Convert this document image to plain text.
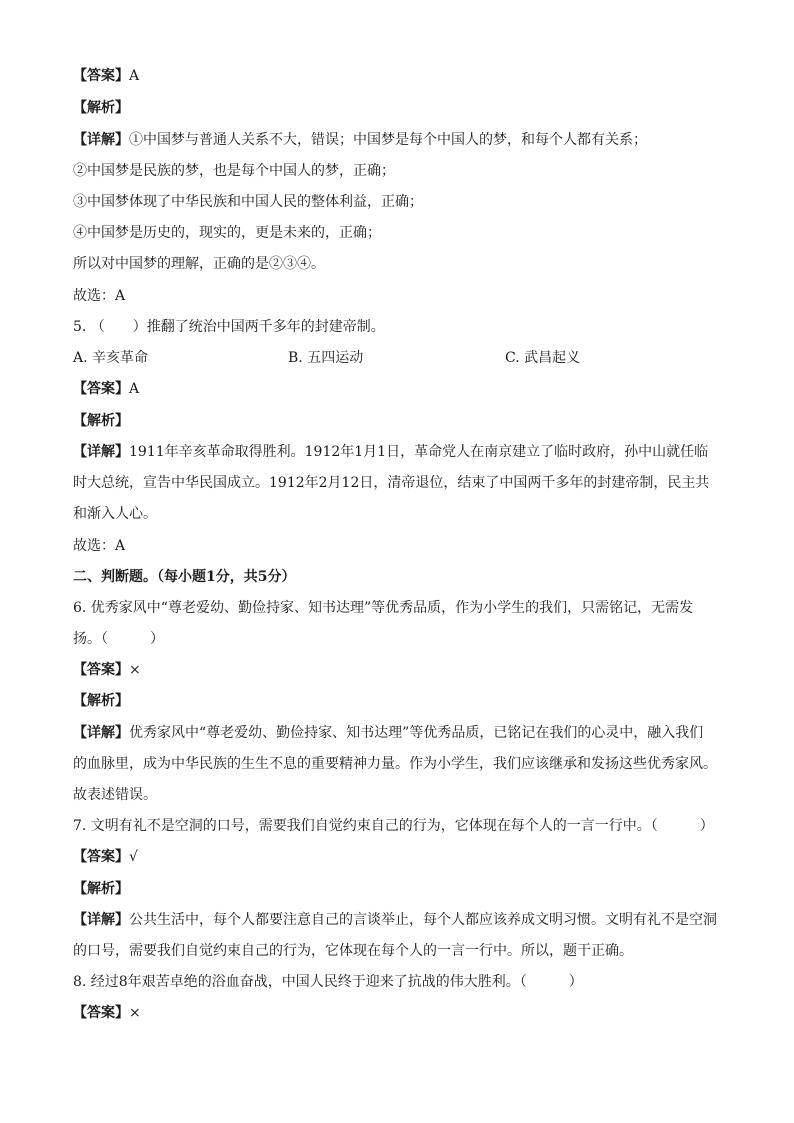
【答案】A
【解析】
【详解】①中国梦与普通人关系不大，错误；中国梦是每个中国人的梦，和每个人都有关系；
②中国梦是民族的梦，也是每个中国人的梦，正确；
③中国梦体现了中华民族和中国人民的整体利益，正确；
④中国梦是历史的，现实的，更是未来的，正确；
所以对中国梦的理解，正确的是②③④。
故选：A
5. （　　）推翻了统治中国两千多年的封建帝制。
A. 辛亥革命	B. 五四运动	C. 武昌起义
【答案】A
【解析】
【详解】1911年辛亥革命取得胜利。1912年1月1日，革命党人在南京建立了临时政府，孙中山就任临
时大总统，宣告中华民国成立。1912年2月12日，清帝退位，结束了中国两千多年的封建帝制，民主共
和渐入人心。
故选：A
二、判断题。（每小题1分，共5分）
6. 优秀家风中“尊老爱幼、勤俭持家、知书达理”等优秀品质，作为小学生的我们，只需铭记，无需发
扬。（　　　）
【答案】×
【解析】
【详解】优秀家风中“尊老爱幼、勤俭持家、知书达理”等优秀品质，已铭记在我们的心灵中，融入我们
的血脉里，成为中华民族的生生不息的重要精神力量。作为小学生，我们应该继承和发扬这些优秀家风。
故表述错误。
7. 文明有礼不是空洞的口号，需要我们自觉约束自己的行为，它体现在每个人的一言一行中。（　　　）
【答案】√
【解析】
【详解】公共生活中，每个人都要注意自己的言谈举止，每个人都应该养成文明习惯。文明有礼不是空洞
的口号，需要我们自觉约束自己的行为，它体现在每个人的一言一行中。所以，题干正确。
8. 经过8年艰苦卓绝的浴血奋战，中国人民终于迎来了抗战的伟大胜利。（　　　）
【答案】×
